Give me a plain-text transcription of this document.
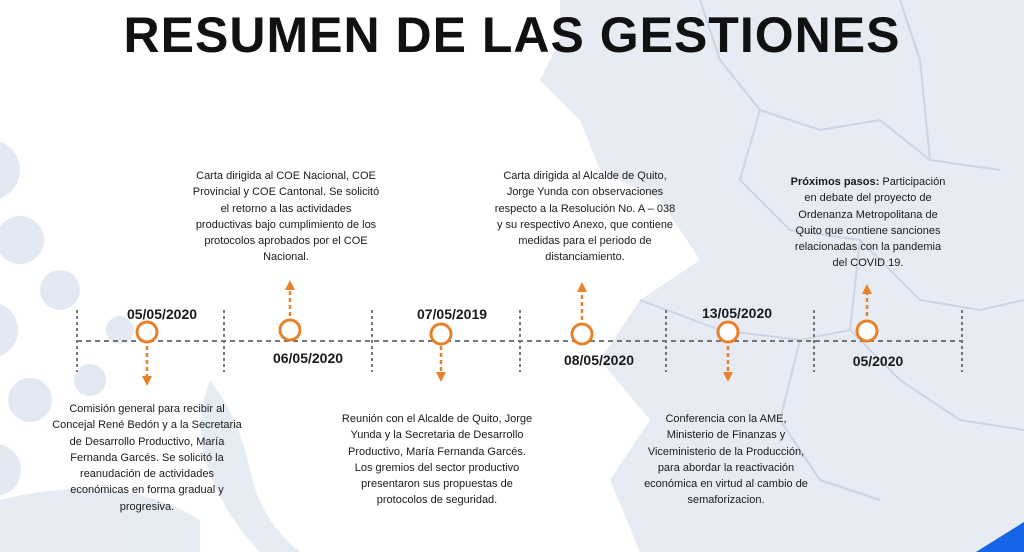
RESUMEN DE LAS GESTIONES
05/05/2020
06/05/2020
07/05/2019
08/05/2020
13/05/2020
05/2020
Comisión general para recibir al
Concejal René Bedón y a la Secretaria
de Desarrollo Productivo, María
Fernanda Garcés. Se solicitó la
reanudación de actividades
económicas en forma gradual y
progresiva.
Carta dirigida al COE Nacional, COE
Provincial y COE Cantonal. Se solicitó
el retorno a las actividades
productivas bajo cumplimiento de los
protocolos aprobados por el COE
Nacional.
Reunión con el Alcalde de Quito, Jorge
Yunda y la Secretaria de Desarrollo
Productivo, María Fernanda Garcés.
Los gremios del sector productivo
presentaron sus propuestas de
protocolos de seguridad.
Carta dirigida al Alcalde de Quito,
Jorge Yunda con observaciones
respecto a la Resolución No. A – 038
y su respectivo Anexo, que contiene
medidas para el periodo de
distanciamiento.
Conferencia con la AME,
Ministerio de Finanzas y
Viceministerio de la Producción,
para abordar la reactivación
económica en virtud al cambio de
semaforizacion.
Próximos pasos: Participación
en debate del proyecto de
Ordenanza Metropolitana de
Quito que contiene sanciones
relacionadas con la pandemia
del COVID 19.
